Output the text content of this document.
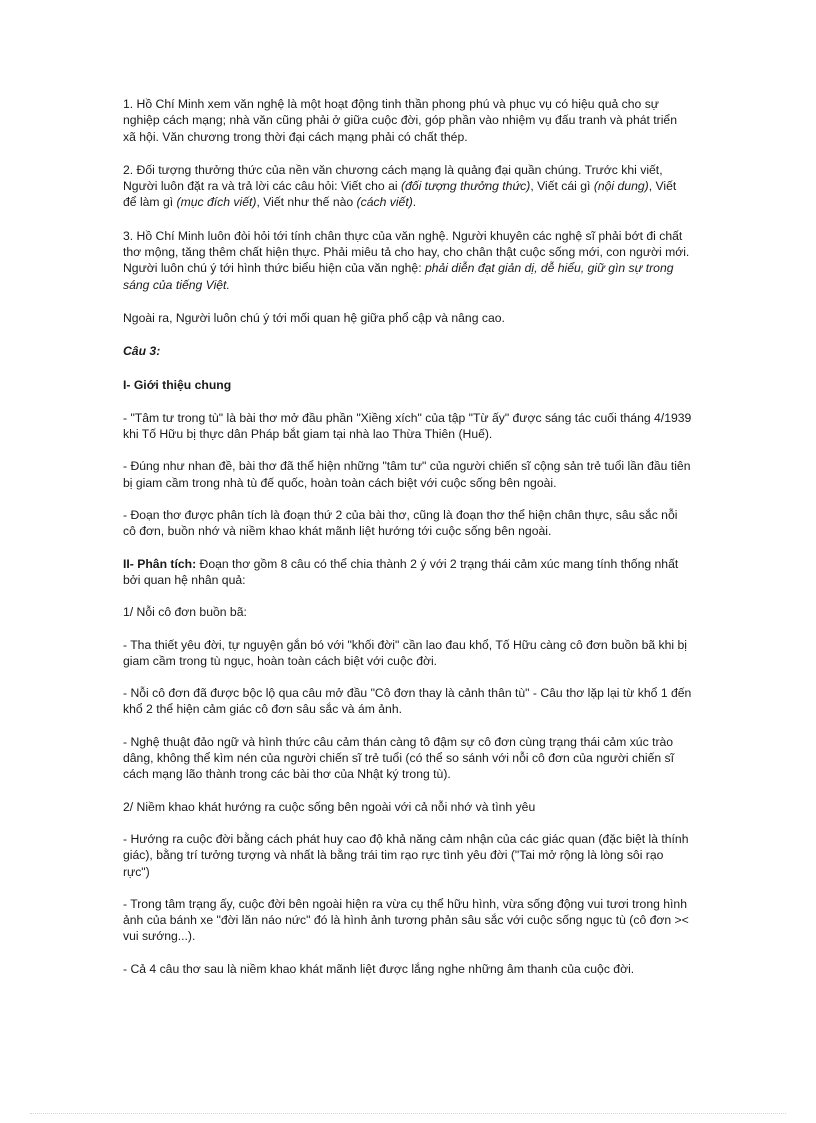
1. Hồ Chí Minh xem văn nghệ là một hoạt động tinh thần phong phú và phục vụ có hiệu quả cho sự nghiệp cách mạng; nhà văn cũng phải ở giữa cuộc đời, góp phần vào nhiệm vụ đấu tranh và phát triển xã hội. Văn chương trong thời đại cách mạng phải có chất thép.

2. Đối tượng thưởng thức của nền văn chương cách mạng là quảng đại quần chúng. Trước khi viết, Người luôn đặt ra và trả lời các câu hỏi: Viết cho ai (đối tượng thưởng thức), Viết cái gì (nội dung), Viết để làm gì (mục đích viết), Viết như thế nào (cách viết).

3. Hồ Chí Minh luôn đòi hỏi tới tính chân thực của văn nghệ. Người khuyên các nghệ sĩ phải bớt đi chất thơ mộng, tăng thêm chất hiện thực. Phải miêu tả cho hay, cho chân thật cuộc sống mới, con người mới. Người luôn chú ý tới hình thức biểu hiện của văn nghệ: phải diễn đạt giản dị, dễ hiểu, giữ gìn sự trong sáng của tiếng Việt.

Ngoài ra, Người luôn chú ý tới mối quan hệ giữa phổ cập và nâng cao.

Câu 3:

I- Giới thiệu chung

- "Tâm tư trong tù" là bài thơ mở đầu phần "Xiềng xích" của tập "Từ ấy" được sáng tác cuối tháng 4/1939 khi Tố Hữu bị thực dân Pháp bắt giam tại nhà lao Thừa Thiên (Huế).

- Đúng như nhan đề, bài thơ đã thể hiện những "tâm tư" của người chiến sĩ cộng sản trẻ tuổi lần đầu tiên bị giam cầm trong nhà tù đế quốc, hoàn toàn cách biệt với cuộc sống bên ngoài.

- Đoạn thơ được phân tích là đoạn thứ 2 của bài thơ, cũng là đoạn thơ thể hiện chân thực, sâu sắc nỗi cô đơn, buồn nhớ và niềm khao khát mãnh liệt hướng tới cuộc sống bên ngoài.

II- Phân tích: Đoạn thơ gồm 8 câu có thể chia thành 2 ý với 2 trạng thái cảm xúc mang tính thống nhất bởi quan hệ nhân quả:

1/ Nỗi cô đơn buồn bã:

- Tha thiết yêu đời, tự nguyện gắn bó với "khối đời" cần lao đau khổ, Tố Hữu càng cô đơn buồn bã khi bị giam cầm trong tù ngục, hoàn toàn cách biệt với cuộc đời.

- Nỗi cô đơn đã được bộc lộ qua câu mở đầu "Cô đơn thay là cảnh thân tù" - Câu thơ lặp lại từ khổ 1 đến khổ 2 thể hiện cảm giác cô đơn sâu sắc và ám ảnh.

- Nghệ thuật đảo ngữ và hình thức câu cảm thán càng tô đậm sự cô đơn cùng trạng thái cảm xúc trào dâng, không thể kìm nén của người chiến sĩ trẻ tuổi (có thể so sánh với nỗi cô đơn của người chiến sĩ cách mạng lão thành trong các bài thơ của Nhật ký trong tù).

2/ Niềm khao khát hướng ra cuộc sống bên ngoài với cả nỗi nhớ và tình yêu

- Hướng ra cuộc đời bằng cách phát huy cao độ khả năng cảm nhận của các giác quan (đặc biệt là thính giác), bằng trí tưởng tượng và nhất là bằng trái tim rạo rực tình yêu đời ("Tai mở rộng là lòng sôi rạo rực")

- Trong tâm trạng ấy, cuộc đời bên ngoài hiện ra vừa cụ thể hữu hình, vừa sống động vui tươi trong hình ảnh của bánh xe "đời lăn náo nức" đó là hình ảnh tương phản sâu sắc với cuộc sống ngục tù (cô đơn >< vui sướng...).

- Cả 4 câu thơ sau là niềm khao khát mãnh liệt được lắng nghe những âm thanh của cuộc đời.
